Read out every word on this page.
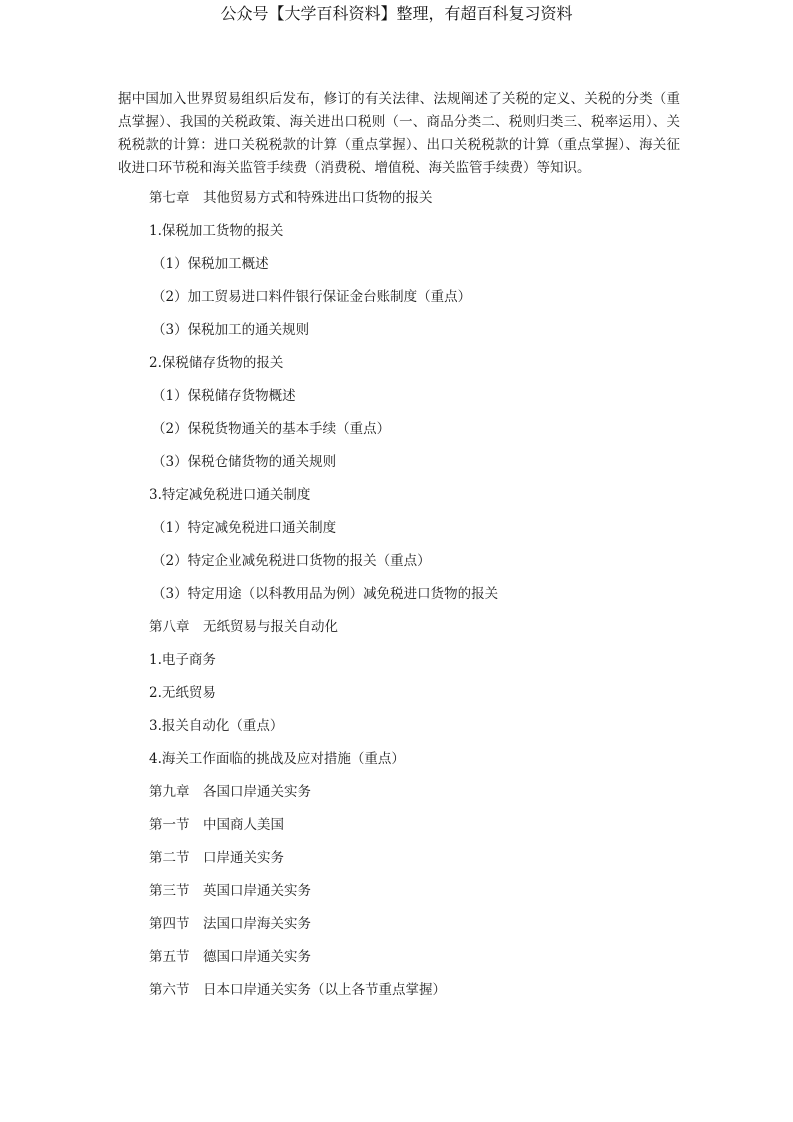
公众号【大学百科资料】整理，有超百科复习资料

据中国加入世界贸易组织后发布，修订的有关法律、法规阐述了关税的定义、关税的分类（重点掌握）、我国的关税政策、海关进出口税则（一、商品分类二、税则归类三、税率运用）、关税税款的计算：进口关税税款的计算（重点掌握）、出口关税税款的计算（重点掌握）、海关征收进口环节税和海关监管手续费（消费税、增值税、海关监管手续费）等知识。

第七章　其他贸易方式和特殊进出口货物的报关
1.保税加工货物的报关
（1）保税加工概述
（2）加工贸易进口料件银行保证金台账制度（重点）
（3）保税加工的通关规则
2.保税储存货物的报关
（1）保税储存货物概述
（2）保税货物通关的基本手续（重点）
（3）保税仓储货物的通关规则
3.特定减免税进口通关制度
（1）特定减免税进口通关制度
（2）特定企业减免税进口货物的报关（重点）
（3）特定用途（以科教用品为例）减免税进口货物的报关
第八章　无纸贸易与报关自动化
1.电子商务
2.无纸贸易
3.报关自动化（重点）
4.海关工作面临的挑战及应对措施（重点）
第九章　各国口岸通关实务
第一节　中国商人美国
第二节　口岸通关实务
第三节　英国口岸通关实务
第四节　法国口岸海关实务
第五节　德国口岸通关实务
第六节　日本口岸通关实务（以上各节重点掌握）
